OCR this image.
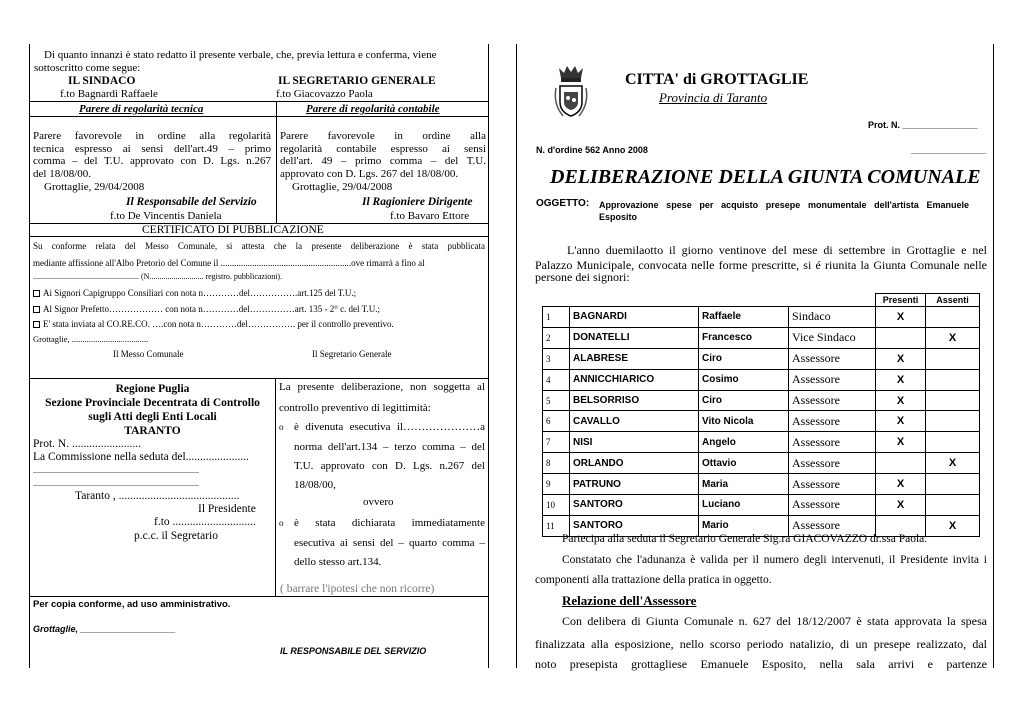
Di quanto innanzi è stato redatto il presente verbale, che, previa lettura e conferma, viene
sottoscritto come segue:
IL SINDACO
f.to Bagnardi Raffaele
IL SEGRETARIO GENERALE
f.to Giacovazzo Paola
Parere di regolarità tecnica
Parere favorevole in ordine alla regolarità
tecnica espresso ai sensi dell'art.49 – primo
comma – del T.U. approvato con D. Lgs. n.267
del 18/08/00.
Grottaglie, 29/04/2008
Il Responsabile del Servizio
f.to De Vincentis Daniela
Parere di regolarità contabile
Parere favorevole in ordine alla
regolarità contabile espresso ai sensi
dell'art. 49 – primo comma – del T.U.
approvato con D. Lgs. 267 del 18/08/00.
Grottaglie, 29/04/2008
Il Ragioniere Dirigente
f.to Bavaro Ettore
CERTIFICATO DI PUBBLICAZIONE
Su conforme relata del Messo Comunale, si attesta che la presente deliberazione è stata pubblicata
mediante affissione all'Albo Pretorio del Comune il ..........................................................ove rimarrà a fino al
..................................................... (N........................... registro. pubblicazioni).
Ai Signori Capigruppo Consiliari con nota n…………del…………….art.125 del T.U.;
Al Signor Prefetto……………… con nota n…………del……………art. 135 - 2° c. del T.U.;
E' stata inviata al CO.RE.CO. ….con nota n…………del……………. per il controllo preventivo.
Grottaglie, ....................................
Il Messo Comunale	Il Segretario Generale
Regione Puglia
Sezione Provinciale Decentrata di Controllo
sugli Atti degli Enti Locali
TARANTO
Prot. N. ........................
La Commissione nella seduta del......................
...................................................................................
...................................................................................
Taranto , ..........................................
Il Presidente
f.to .............................
p.c.c. il Segretario
La presente deliberazione, non soggetta al
controllo preventivo di legittimità:
o è divenuta esecutiva il…………………a
norma dell'art.134 – terzo comma – del
T.U. approvato con D. Lgs. n.267 del
18/08/00,
ovvero
o è stata dichiarata immediatamente
esecutiva ai sensi del – quarto comma –
dello stesso art.134.
( barrare l'ipotesi che non ricorre)
Per copia conforme, ad uso amministrativo.
Grottaglie, ___________________
IL RESPONSABILE DEL SERVIZIO
CITTA' di GROTTAGLIE
Provincia di Taranto
Prot. N. _______________
N. d'ordine 562 Anno 2008	_______________
DELIBERAZIONE DELLA GIUNTA COMUNALE
OGGETTO: Approvazione spese per acquisto presepe monumentale dell'artista Emanuele
Esposito
L'anno duemilaotto il giorno ventinove del mese di settembre in Grottaglie e nel
Palazzo Municipale, convocata nelle forme prescritte, si é riunita la Giunta Comunale nelle
persone dei signori:
				Presenti	Assenti
1	BAGNARDI	Raffaele	Sindaco	X	
2	DONATELLI	Francesco	Vice Sindaco		X
3	ALABRESE	Ciro	Assessore	X	
4	ANNICCHIARICO	Cosimo	Assessore	X	
5	BELSORRISO	Ciro	Assessore	X	
6	CAVALLO	Vito Nicola	Assessore	X	
7	NISI	Angelo	Assessore	X	
8	ORLANDO	Ottavio	Assessore		X
9	PATRUNO	Maria	Assessore	X	
10	SANTORO	Luciano	Assessore	X	
11	SANTORO	Mario	Assessore		X
Partecipa alla seduta il Segretario Generale Sig.ra GIACOVAZZO dr.ssa Paola.
Constatato che l'adunanza è valida per il numero degli intervenuti, il Presidente invita i
componenti alla trattazione della pratica in oggetto.
Relazione dell'Assessore
Con delibera di Giunta Comunale n. 627 del 18/12/2007 è stata approvata la spesa
finalizzata alla esposizione, nello scorso periodo natalizio, di un presepe realizzato, dal
noto presepista grottagliese Emanuele Esposito, nella sala arrivi e partenze
